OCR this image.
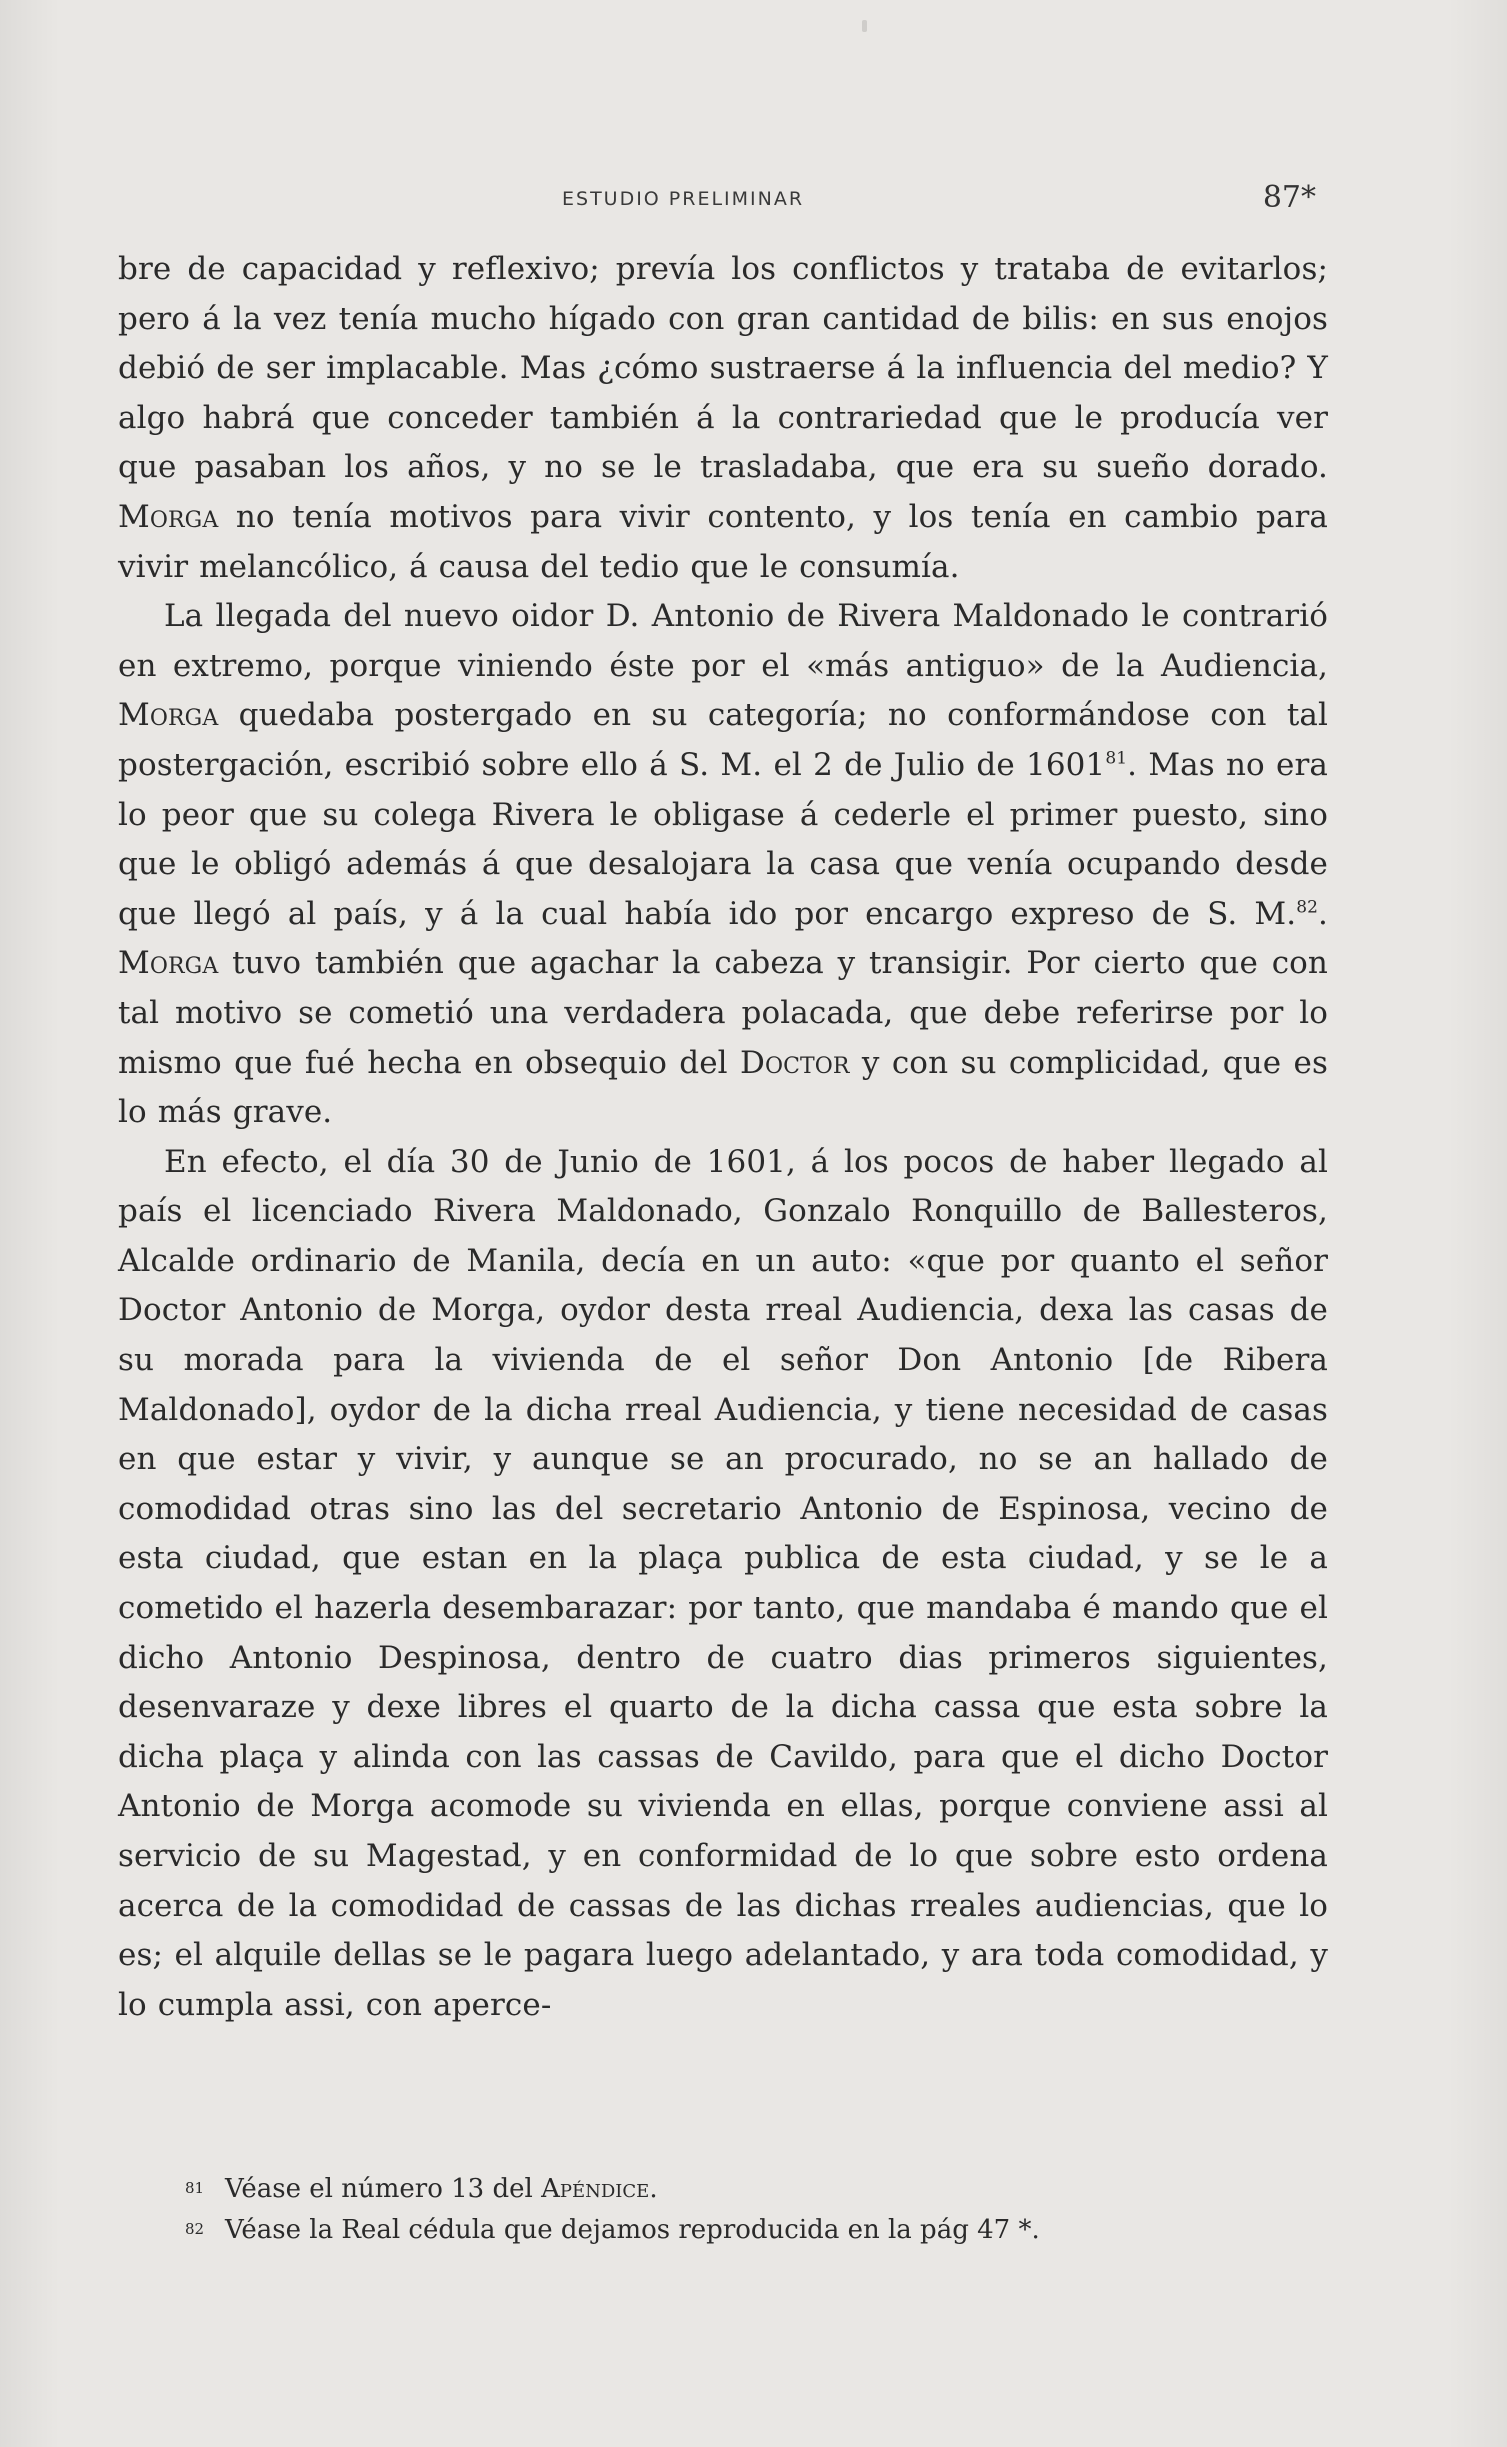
ESTUDIO PRELIMINAR	87*

bre de capacidad y reflexivo; prevía los conflictos y trataba de evitarlos; pero á la vez tenía mucho hígado con gran cantidad de bilis: en sus enojos debió de ser implacable. Mas ¿cómo sustraerse á la influencia del medio? Y algo habrá que conceder también á la contrariedad que le producía ver que pasaban los años, y no se le trasladaba, que era su sueño dorado. Morga no tenía motivos para vivir contento, y los tenía en cambio para vivir melancólico, á causa del tedio que le consumía.

La llegada del nuevo oidor D. Antonio de Rivera Maldonado le contrarió en extremo, porque viniendo éste por el «más antiguo» de la Audiencia, Morga quedaba postergado en su categoría; no conformándose con tal postergación, escribió sobre ello á S. M. el 2 de Julio de 1601$^{81}$. Mas no era lo peor que su colega Rivera le obligase á cederle el primer puesto, sino que le obligó además á que desalojara la casa que venía ocupando desde que llegó al país, y á la cual había ido por encargo expreso de S. M.$^{82}$. Morga tuvo también que agachar la cabeza y transigir. Por cierto que con tal motivo se cometió una verdadera polacada, que debe referirse por lo mismo que fué hecha en obsequio del Doctor y con su complicidad, que es lo más grave.

En efecto, el día 30 de Junio de 1601, á los pocos de haber llegado al país el licenciado Rivera Maldonado, Gonzalo Ronquillo de Ballesteros, Alcalde ordinario de Manila, decía en un auto: «que por quanto el señor Doctor Antonio de Morga, oydor desta rreal Audiencia, dexa las casas de su morada para la vivienda de el señor Don Antonio [de Ribera Maldonado], oydor de la dicha rreal Audiencia, y tiene necesidad de casas en que estar y vivir, y aunque se an procurado, no se an hallado de comodidad otras sino las del secretario Antonio de Espinosa, vecino de esta ciudad, que estan en la plaça publica de esta ciudad, y se le a cometido el hazerla desembarazar: por tanto, que mandaba é mando que el dicho Antonio Despinosa, dentro de cuatro dias primeros siguientes, desenvaraze y dexe libres el quarto de la dicha cassa que esta sobre la dicha plaça y alinda con las cassas de Cavildo, para que el dicho Doctor Antonio de Morga acomode su vivienda en ellas, porque conviene assi al servicio de su Magestad, y en conformidad de lo que sobre esto ordena acerca de la comodidad de cassas de las dichas rreales audiencias, que lo es; el alquile dellas se le pagara luego adelantado, y ara toda comodidad, y lo cumpla assi, con aperce-

81 Véase el número 13 del Apéndice.

82 Véase la Real cédula que dejamos reproducida en la pág 47 *.
